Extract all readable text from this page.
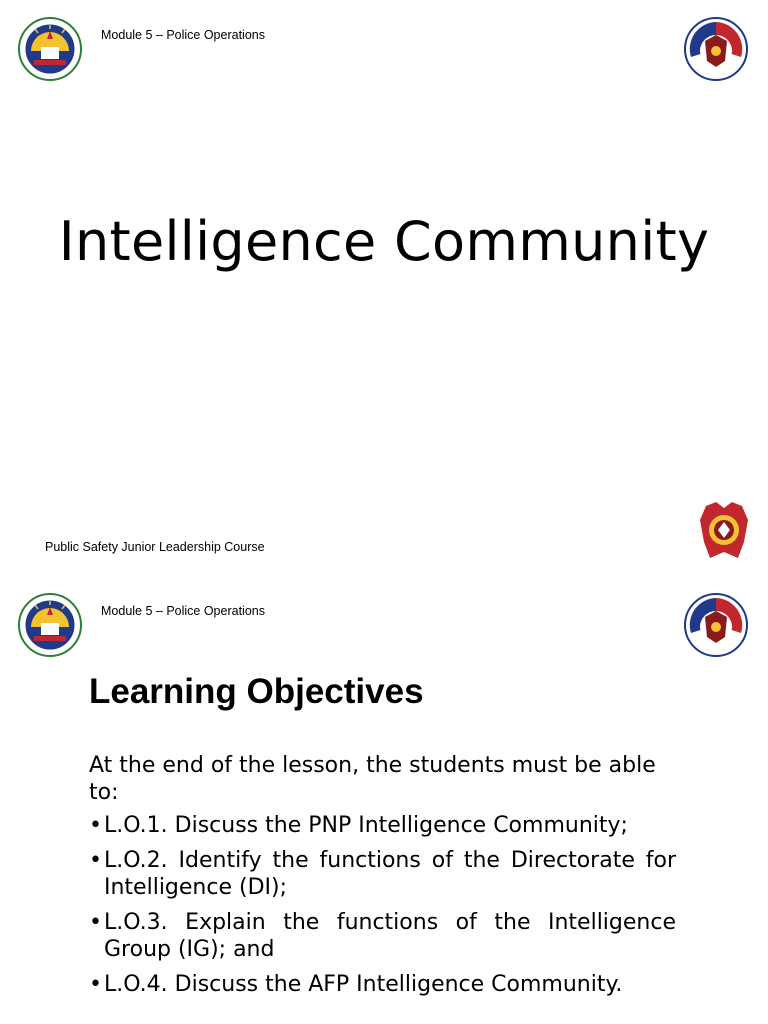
Module 5 – Police Operations
Intelligence Community
Public Safety Junior Leadership Course
Module 5 – Police Operations
Learning Objectives

At the end of the lesson, the students must be able to:

• L.O.1. Discuss the PNP Intelligence Community;
• L.O.2. Identify the functions of the Directorate for Intelligence (DI);
• L.O.3. Explain the functions of the Intelligence Group (IG); and
• L.O.4. Discuss the AFP Intelligence Community.
